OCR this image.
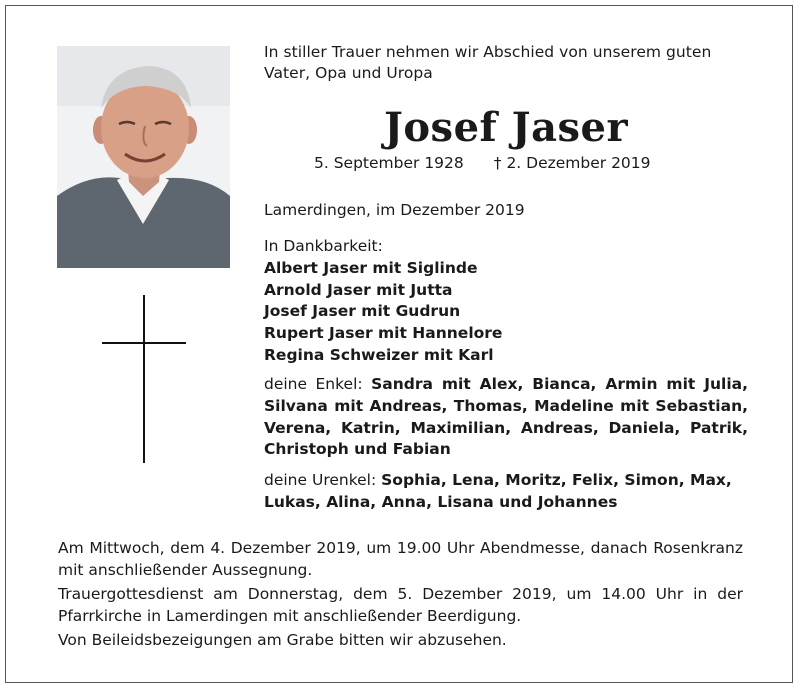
In stiller Trauer nehmen wir Abschied von unserem guten Vater, Opa und Uropa

Josef Jaser
5. September 1928 † 2. Dezember 2019

Lamerdingen, im Dezember 2019

In Dankbarkeit:
Albert Jaser mit Siglinde
Arnold Jaser mit Jutta
Josef Jaser mit Gudrun
Rupert Jaser mit Hannelore
Regina Schweizer mit Karl
deine Enkel: Sandra mit Alex, Bianca, Armin mit Julia, Silvana mit Andreas, Thomas, Madeline mit Sebastian, Verena, Katrin, Maximilian, Andreas, Daniela, Patrik, Christoph und Fabian
deine Urenkel: Sophia, Lena, Moritz, Felix, Simon, Max, Lukas, Alina, Anna, Lisana und Johannes

Am Mittwoch, dem 4. Dezember 2019, um 19.00 Uhr Abendmesse, danach Rosenkranz mit anschließender Aussegnung.

Trauergottesdienst am Donnerstag, dem 5. Dezember 2019, um 14.00 Uhr in der Pfarrkirche in Lamerdingen mit anschließender Beerdigung.

Von Beileidsbezeigungen am Grabe bitten wir abzusehen.
